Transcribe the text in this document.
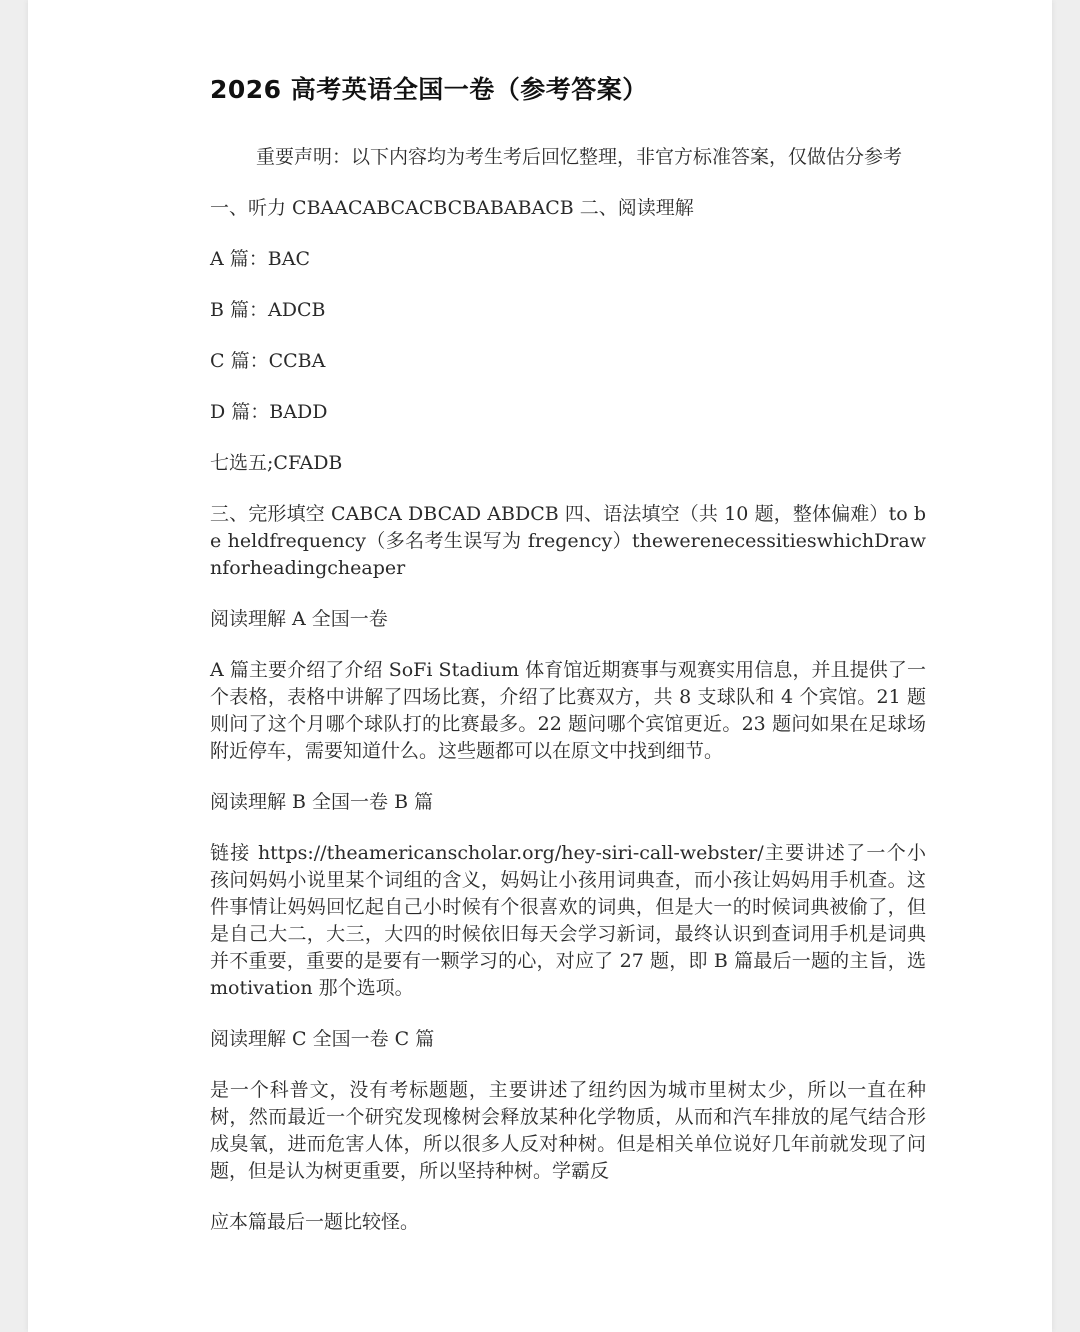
2026 高考英语全国一卷（参考答案）

重要声明：以下内容均为考生考后回忆整理，非官方标准答案，仅做估分参考

一、听力 CBAACABCACBCBABABACB 二、阅读理解

A 篇：BAC

B 篇：ADCB

C 篇：CCBA

D 篇：BADD

七选五;CFADB

三、完形填空 CABCA DBCAD ABDCB 四、语法填空（共 10 题，整体偏难）to be heldfrequency（多名考生误写为 fregency）thewerenecessitieswhichDrawnforheadingcheaper

阅读理解 A 全国一卷

A 篇主要介绍了介绍 SoFi Stadium 体育馆近期赛事与观赛实用信息，并且提供了一个表格，表格中讲解了四场比赛，介绍了比赛双方，共 8 支球队和 4 个宾馆。21 题则问了这个月哪个球队打的比赛最多。22 题问哪个宾馆更近。23 题问如果在足球场附近停车，需要知道什么。这些题都可以在原文中找到细节。

阅读理解 B 全国一卷 B 篇

链接 https://theamericanscholar.org/hey-siri-call-webster/主要讲述了一个小孩问妈妈小说里某个词组的含义，妈妈让小孩用词典查，而小孩让妈妈用手机查。这件事情让妈妈回忆起自己小时候有个很喜欢的词典，但是大一的时候词典被偷了，但是自己大二，大三，大四的时候依旧每天会学习新词，最终认识到查词用手机是词典并不重要，重要的是要有一颗学习的心，对应了 27 题，即 B 篇最后一题的主旨，选 motivation 那个选项。

阅读理解 C 全国一卷 C 篇

是一个科普文，没有考标题题，主要讲述了纽约因为城市里树太少，所以一直在种树，然而最近一个研究发现橡树会释放某种化学物质，从而和汽车排放的尾气结合形成臭氧，进而危害人体，所以很多人反对种树。但是相关单位说好几年前就发现了问题，但是认为树更重要，所以坚持种树。学霸反

应本篇最后一题比较怪。
